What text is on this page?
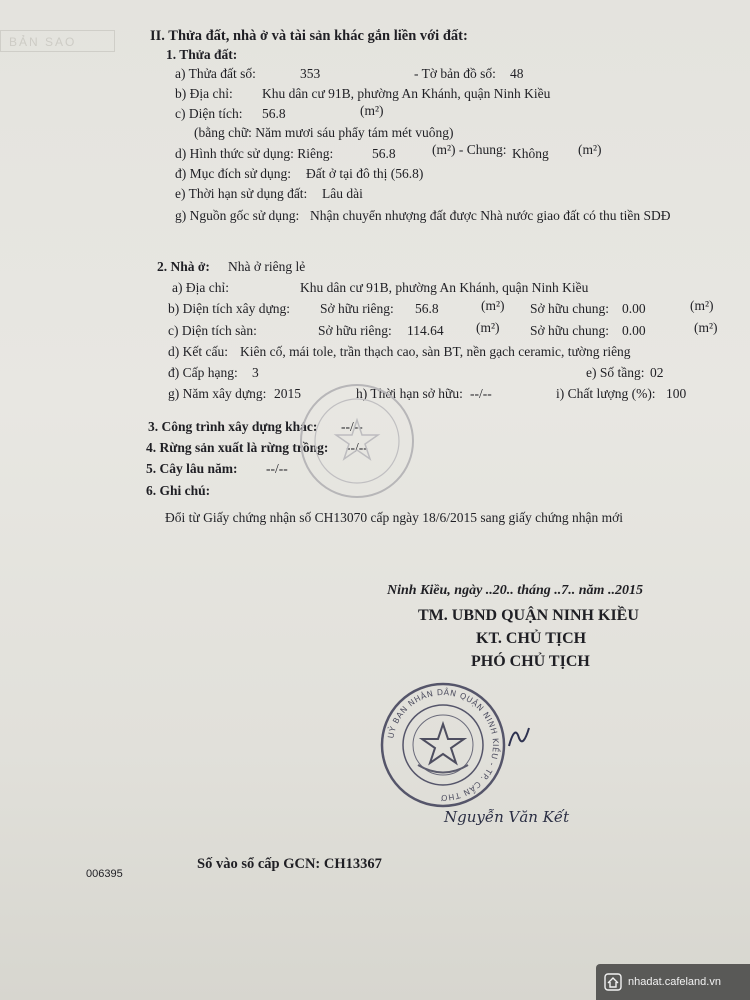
BẢN SAO	II. Thửa đất, nhà ở và tài sản khác gắn liền với đất:
1. Thửa đất:
a) Thửa đất số:	353	- Tờ bản đồ số: 48
b) Địa chỉ: Khu dân cư 91B, phường An Khánh, quận Ninh Kiều
c) Diện tích: 56.8	(m²)
(bằng chữ: Năm mươi sáu phẩy tám mét vuông)
d) Hình thức sử dụng: Riêng:	56.8	(m²) - Chung: Không (m²)
đ) Mục đích sử dụng: Đất ở tại đô thị (56.8)
e) Thời hạn sử dụng đất: Lâu dài
g) Nguồn gốc sử dụng: Nhận chuyển nhượng đất được Nhà nước giao đất có thu tiền SDĐ
2. Nhà ở: Nhà ở riêng lẻ
a) Địa chỉ:	Khu dân cư 91B, phường An Khánh, quận Ninh Kiều
b) Diện tích xây dựng: Sở hữu riêng: 56.8	(m²) Sở hữu chung: 0.00	(m²)
c) Diện tích sàn:	Sở hữu riêng: 114.64 (m²) Sở hữu chung: 0.00	(m²)
d) Kết cấu: Kiên cố, mái tole, trần thạch cao, sàn BT, nền gạch ceramic, tường riêng
đ) Cấp hạng: 3	e) Số tầng: 02
g) Năm xây dựng: 2015	h) Thời hạn sở hữu: --/--	i) Chất lượng (%): 100
3. Công trình xây dựng khác: --/--
4. Rừng sản xuất là rừng trồng: --/--
5. Cây lâu năm: --/--
6. Ghi chú:
Đổi từ Giấy chứng nhận số CH13070 cấp ngày 18/6/2015 sang giấy chứng nhận mới
Ninh Kiều, ngày ..20.. tháng ..7.. năm ..2015
TM. UBND QUẬN NINH KIỀU
KT. CHỦ TỊCH
PHÓ CHỦ TỊCH
UỶ BAN NHÂN DÂN QUẬN NINH KIỀU - TP. CẦN THƠ
Nguyễn Văn Kết
006395
Số vào sổ cấp GCN: CH13367
nhadat.cafeland.vn
